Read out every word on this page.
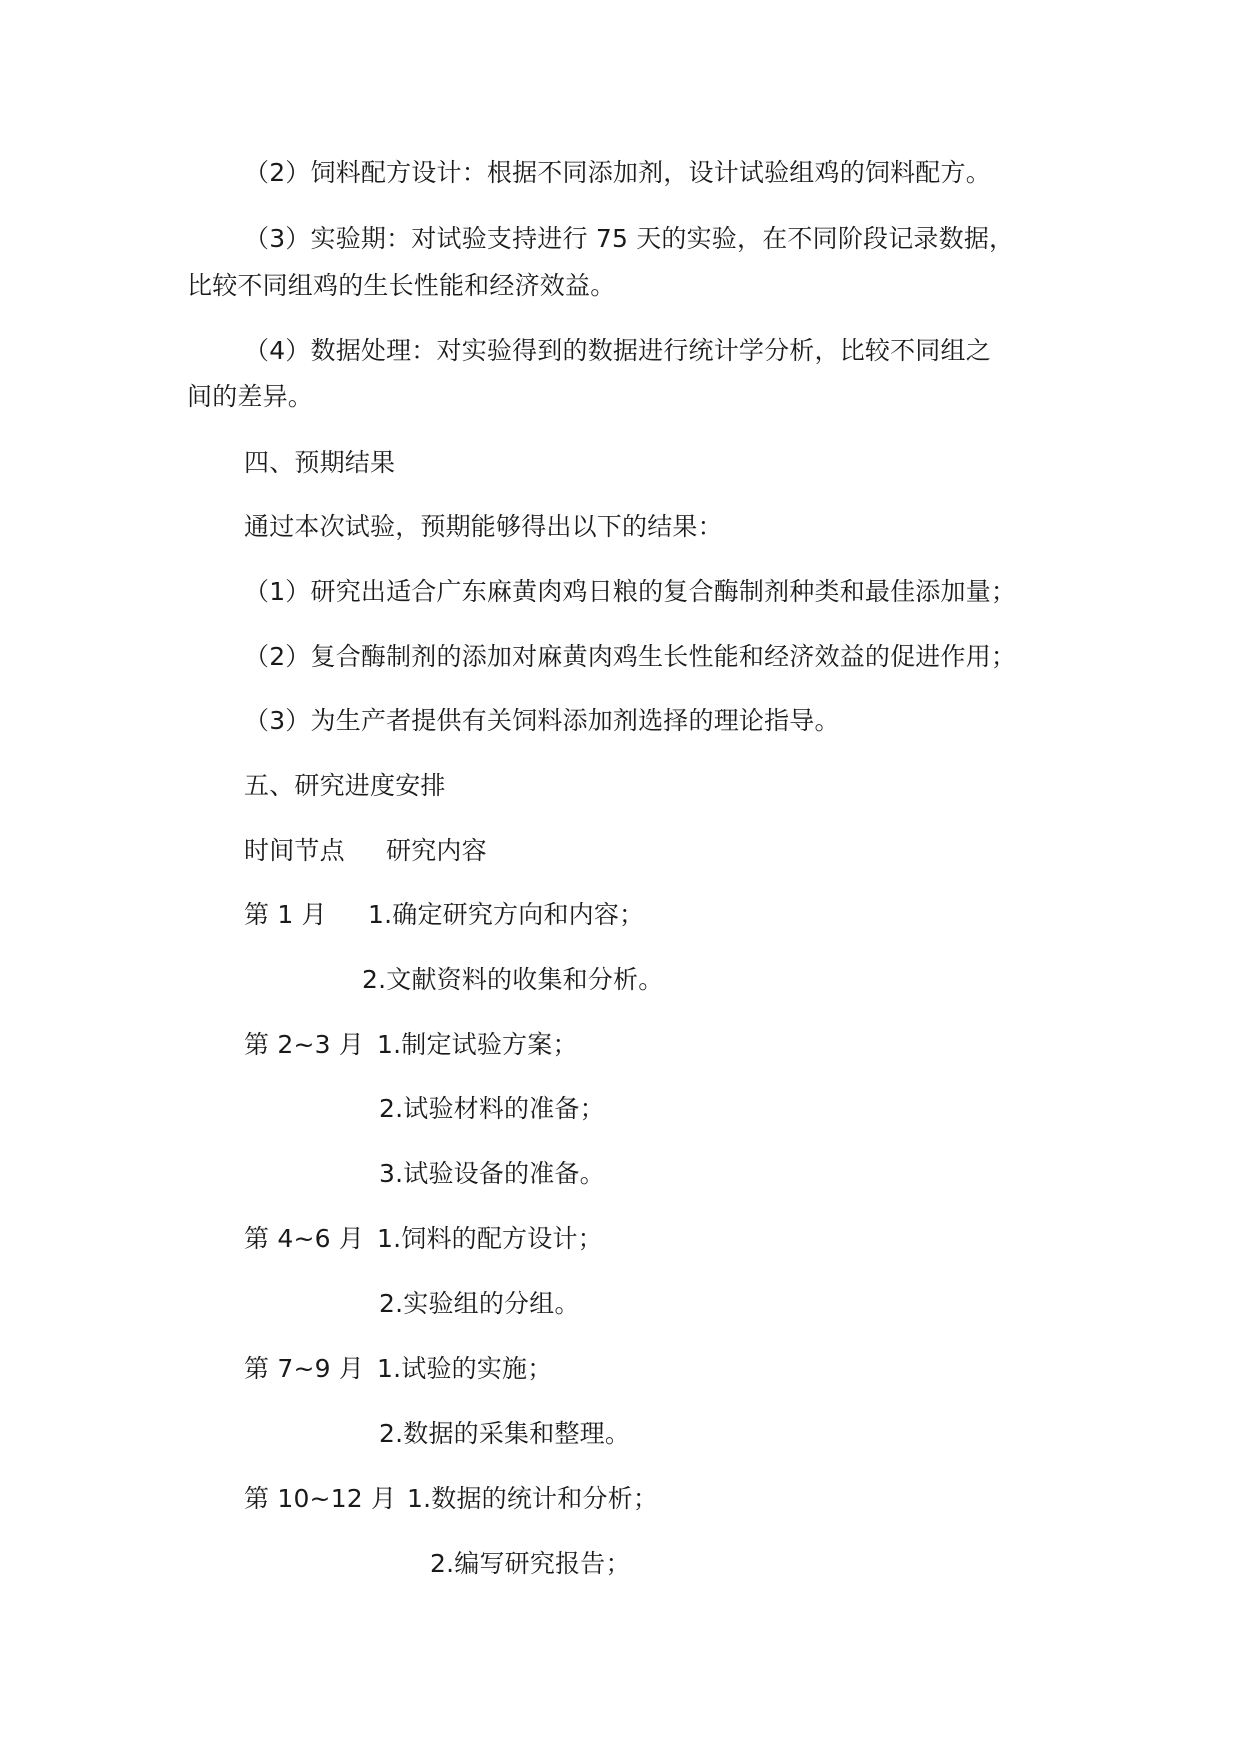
（2）饲料配方设计：根据不同添加剂，设计试验组鸡的饲料配方。
（3）实验期：对试验支持进行 75 天的实验，在不同阶段记录数据，
比较不同组鸡的生长性能和经济效益。
（4）数据处理：对实验得到的数据进行统计学分析，比较不同组之
间的差异。
四、预期结果
通过本次试验，预期能够得出以下的结果：
（1）研究出适合广东麻黄肉鸡日粮的复合酶制剂种类和最佳添加量；
（2）复合酶制剂的添加对麻黄肉鸡生长性能和经济效益的促进作用；
（3）为生产者提供有关饲料添加剂选择的理论指导。
五、研究进度安排
时间节点 研究内容
第 1 月 1.确定研究方向和内容；
2.文献资料的收集和分析。
第 2~3 月 1.制定试验方案；
2.试验材料的准备；
3.试验设备的准备。
第 4~6 月 1.饲料的配方设计；
2.实验组的分组。
第 7~9 月 1.试验的实施；
2.数据的采集和整理。
第 10~12 月 1.数据的统计和分析；
2.编写研究报告；
